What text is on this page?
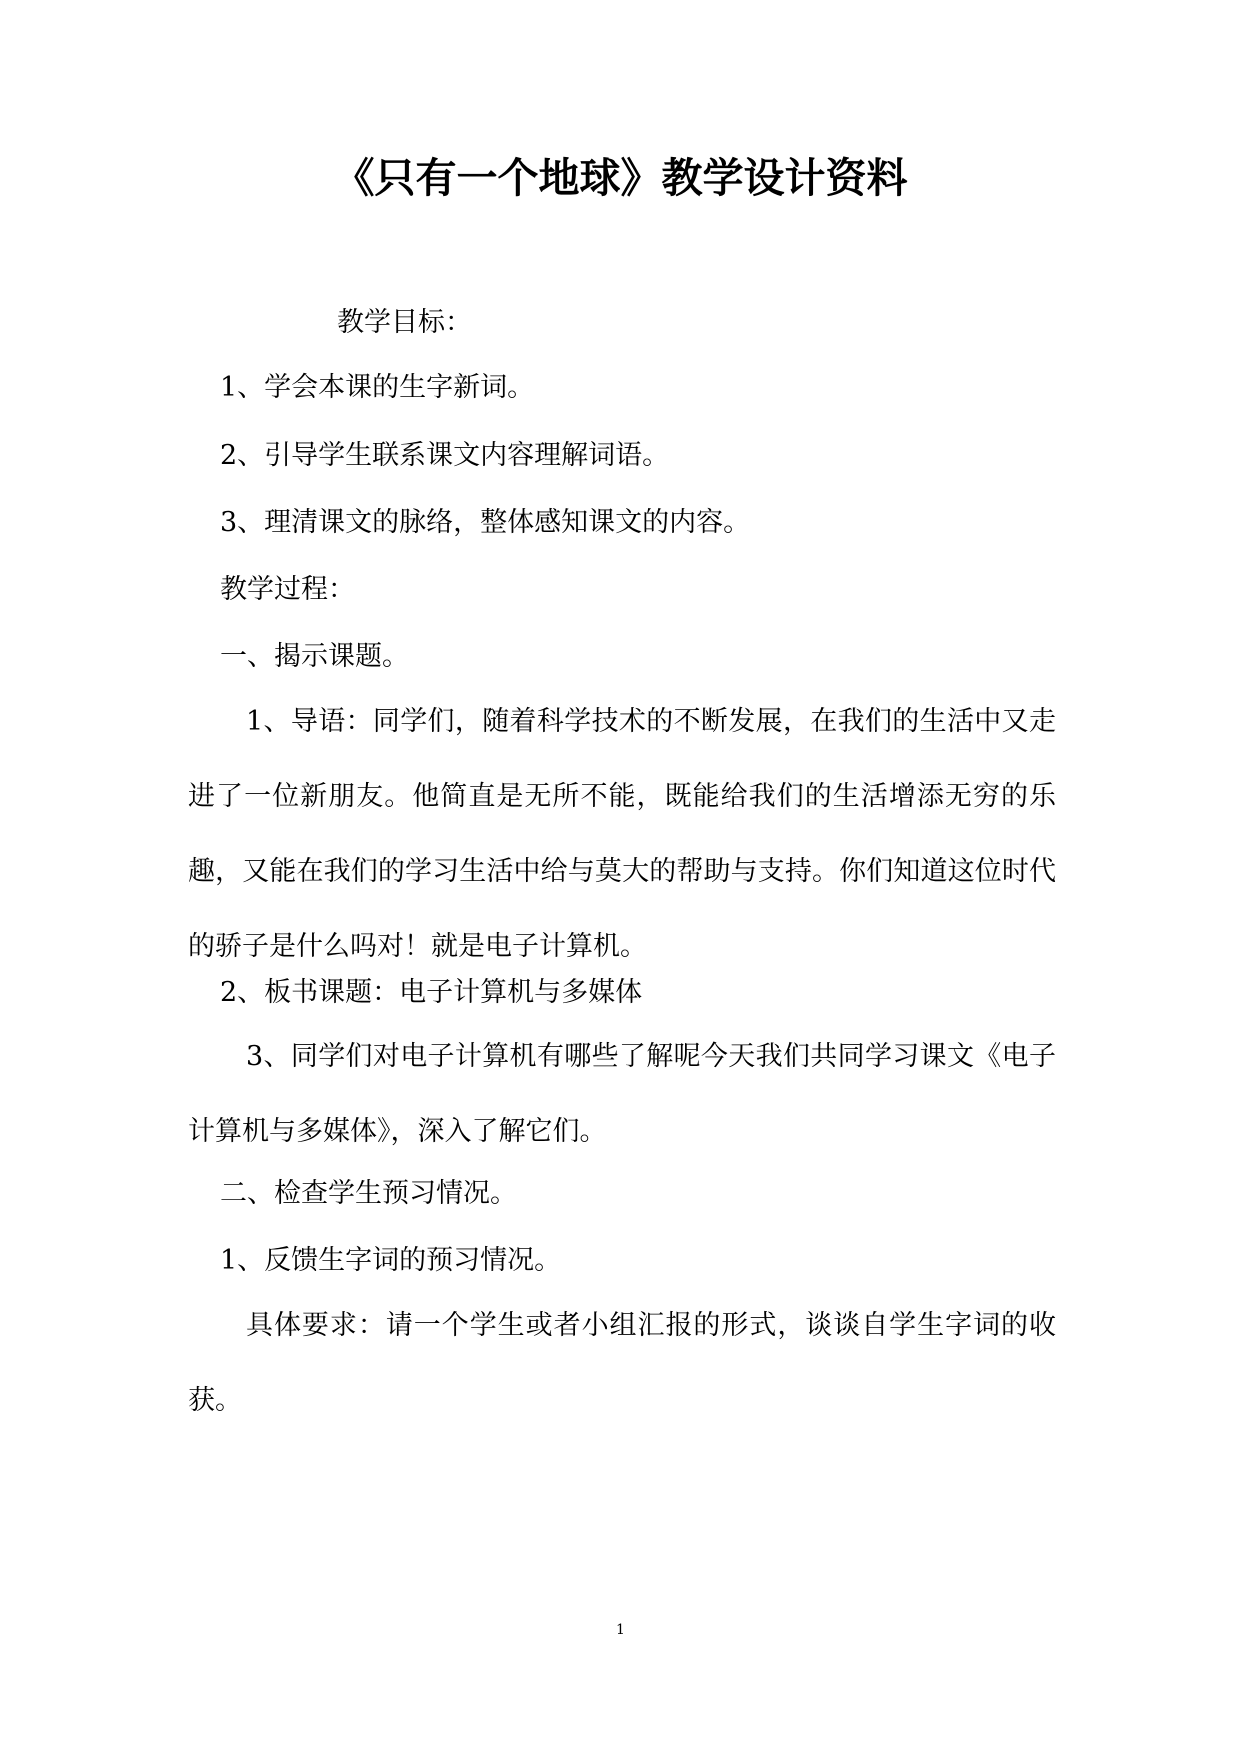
《只有一个地球》教学设计资料
教学目标：
1、学会本课的生字新词。
2、引导学生联系课文内容理解词语。
3、理清课文的脉络，整体感知课文的内容。
教学过程：
一、揭示课题。
1、导语：同学们，随着科学技术的不断发展，在我们的生活中又走进了一位新朋友。他简直是无所不能，既能给我们的生活增添无穷的乐趣，又能在我们的学习生活中给与莫大的帮助与支持。你们知道这位时代的骄子是什么吗对！就是电子计算机。
2、板书课题：电子计算机与多媒体
3、同学们对电子计算机有哪些了解呢今天我们共同学习课文《电子计算机与多媒体》，深入了解它们。
二、检查学生预习情况。
1、反馈生字词的预习情况。
具体要求：请一个学生或者小组汇报的形式，谈谈自学生字词的收获。
1
